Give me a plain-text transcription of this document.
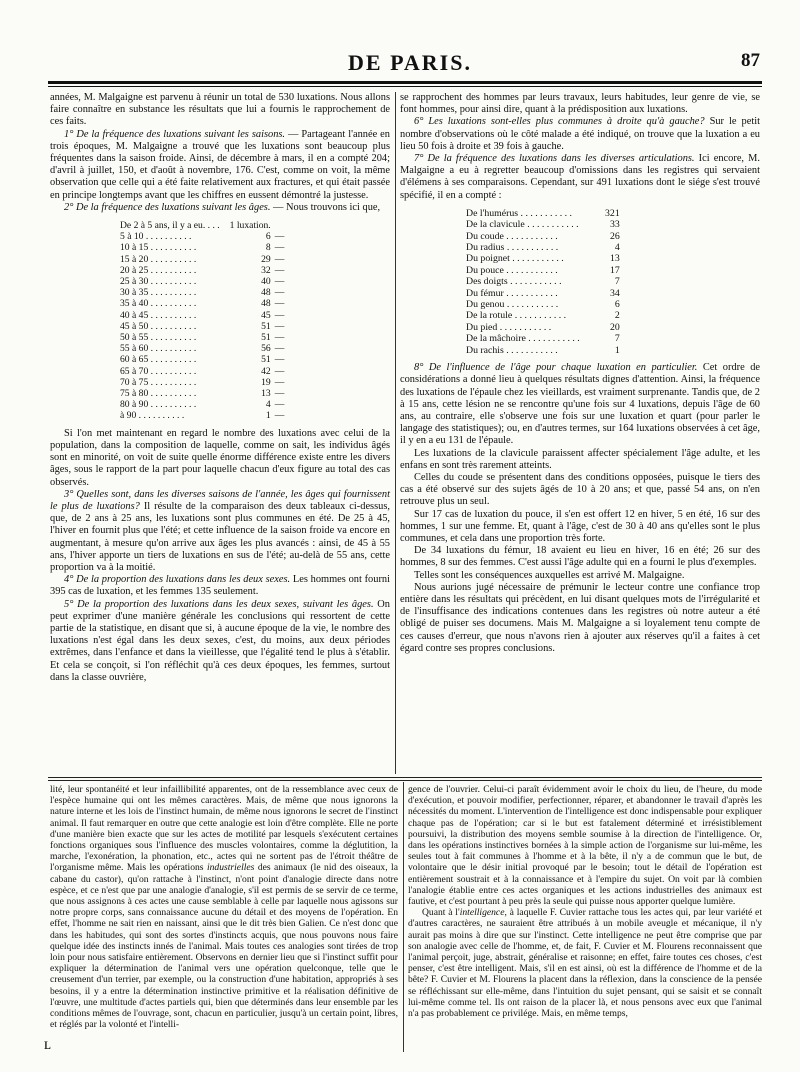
DE PARIS.	87

années, M. Malgaigne est parvenu à réunir un total de 530 luxations. Nous allons faire connaître en substance les résultats que lui a fournis le rapprochement de ces faits.

1° De la fréquence des luxations suivant les saisons. — Partageant l'année en trois époques, M. Malgaigne a trouvé que les luxations sont beaucoup plus fréquentes dans la saison froide. Ainsi, de décembre à mars, il en a compté 204; d'avril à juillet, 150, et d'août à novembre, 176. C'est, comme on voit, la même observation que celle qui a été faite relativement aux fractures, et qui était passée en principe longtemps avant que les chiffres en eussent démontré la justesse.

2° De la fréquence des luxations suivant les âges. — Nous trouvons ici que,

De 2 à 5 ans, il y a eu. . . .	1 luxation.	
5 à 10 . . . . . . . . . .	6	—
10 à 15 . . . . . . . . . .	8	—
15 à 20 . . . . . . . . . .	29	—
20 à 25 . . . . . . . . . .	32	—
25 à 30 . . . . . . . . . .	40	—
30 à 35 . . . . . . . . . .	48	—
35 à 40 . . . . . . . . . .	48	—
40 à 45 . . . . . . . . . .	45	—
45 à 50 . . . . . . . . . .	51	—
50 à 55 . . . . . . . . . .	51	—
55 à 60 . . . . . . . . . .	56	—
60 à 65 . . . . . . . . . .	51	—
65 à 70 . . . . . . . . . .	42	—
70 à 75 . . . . . . . . . .	19	—
75 à 80 . . . . . . . . . .	13	—
80 à 90 . . . . . . . . . .	4	—
à 90 . . . . . . . . . .	1	—

Si l'on met maintenant en regard le nombre des luxations avec celui de la population, dans la composition de laquelle, comme on sait, les individus âgés sont en minorité, on voit de suite quelle énorme différence existe entre les divers âges, sous le rapport de la part pour laquelle chacun d'eux figure au total des cas observés.

3° Quelles sont, dans les diverses saisons de l'année, les âges qui fournissent le plus de luxations? Il résulte de la comparaison des deux tableaux ci-dessus, que, de 2 ans à 25 ans, les luxations sont plus communes en été. De 25 à 45, l'hiver en fournit plus que l'été; et cette influence de la saison froide va encore en augmentant, à mesure qu'on arrive aux âges les plus avancés : ainsi, de 45 à 55 ans, l'hiver apporte un tiers de luxations en sus de l'été; au-delà de 55 ans, cette proportion va à la moitié.

4° De la proportion des luxations dans les deux sexes. Les hommes ont fourni 395 cas de luxation, et les femmes 135 seulement.

5° De la proportion des luxations dans les deux sexes, suivant les âges. On peut exprimer d'une manière générale les conclusions qui ressortent de cette partie de la statistique, en disant que si, à aucune époque de la vie, le nombre des luxations n'est égal dans les deux sexes, c'est, du moins, aux deux périodes extrêmes, dans l'enfance et dans la vieillesse, que l'égalité tend le plus à s'établir. Et cela se conçoit, si l'on réfléchit qu'à ces deux époques, les femmes, surtout dans la classe ouvrière,

se rapprochent des hommes par leurs travaux, leurs habitudes, leur genre de vie, se font hommes, pour ainsi dire, quant à la prédisposition aux luxations.

6° Les luxations sont-elles plus communes à droite qu'à gauche? Sur le petit nombre d'observations où le côté malade a été indiqué, on trouve que la luxation a eu lieu 50 fois à droite et 39 fois à gauche.

7° De la fréquence des luxations dans les diverses articulations. Ici encore, M. Malgaigne a eu à regretter beaucoup d'omissions dans les registres qui servaient d'élémens à ses comparaisons. Cependant, sur 491 luxations dont le siége s'est trouvé spécifié, il en a compté :

De l'humérus . . . . . . . . . . .	321
De la clavicule . . . . . . . . . . .	33
Du coude . . . . . . . . . . .	26
Du radius . . . . . . . . . . .	4
Du poignet . . . . . . . . . . .	13
Du pouce . . . . . . . . . . .	17
Des doigts . . . . . . . . . . .	7
Du fémur . . . . . . . . . . .	34
Du genou . . . . . . . . . . .	6
De la rotule . . . . . . . . . . .	2
Du pied . . . . . . . . . . .	20
De la mâchoire . . . . . . . . . . .	7
Du rachis . . . . . . . . . . .	1

8° De l'influence de l'âge pour chaque luxation en particulier. Cet ordre de considérations a donné lieu à quelques résultats dignes d'attention. Ainsi, la fréquence des luxations de l'épaule chez les vieillards, est vraiment surprenante. Tandis que, de 2 à 15 ans, cette lésion ne se rencontre qu'une fois sur 4 luxations, depuis l'âge de 60 ans, au contraire, elle s'observe une fois sur une luxation et quart (pour parler le langage des statistiques); ou, en d'autres termes, sur 164 luxations observées à cet âge, il y en a eu 131 de l'épaule.

Les luxations de la clavicule paraissent affecter spécialement l'âge adulte, et les enfans en sont très rarement atteints.

Celles du coude se présentent dans des conditions opposées, puisque le tiers des cas a été observé sur des sujets âgés de 10 à 20 ans; et que, passé 54 ans, on n'en retrouve plus un seul.

Sur 17 cas de luxation du pouce, il s'en est offert 12 en hiver, 5 en été, 16 sur des hommes, 1 sur une femme. Et, quant à l'âge, c'est de 30 à 40 ans qu'elles sont le plus communes, et cela dans une proportion très forte.

De 34 luxations du fémur, 18 avaient eu lieu en hiver, 16 en été; 26 sur des hommes, 8 sur des femmes. C'est aussi l'âge adulte qui en a fourni le plus d'exemples.

Telles sont les conséquences auxquelles est arrivé M. Malgaigne.

Nous aurions jugé nécessaire de prémunir le lecteur contre une confiance trop entière dans les résultats qui précèdent, en lui disant quelques mots de l'irrégularité et de l'insuffisance des indications contenues dans les registres où notre auteur a été obligé de puiser ses documens. Mais M. Malgaigne a si loyalement tenu compte de ces causes d'erreur, que nous n'avons rien à ajouter aux réserves qu'il a faites à cet égard contre ses propres conclusions.

lité, leur spontanéité et leur infaillibilité apparentes, ont de la ressemblance avec ceux de l'espèce humaine qui ont les mêmes caractères. Mais, de même que nous ignorons la nature interne et les lois de l'instinct humain, de même nous ignorons le secret de l'instinct animal. Il faut remarquer en outre que cette analogie est loin d'être complète. Elle ne porte d'une manière bien exacte que sur les actes de motilité par lesquels s'exécutent certaines fonctions organiques sous l'influence des muscles volontaires, comme la déglutition, la marche, l'exonération, la phonation, etc., actes qui ne sortent pas de l'étroit théâtre de l'organisme même. Mais les opérations industrielles des animaux (le nid des oiseaux, la cabane du castor), qu'on rattache à l'instinct, n'ont point d'analogie directe dans notre espèce, et ce n'est que par une analogie d'analogie, s'il est permis de se servir de ce terme, que nous assignons à ces actes une cause semblable à celle par laquelle nous agissons sur notre propre corps, sans connaissance aucune du détail et des moyens de l'opération. En effet, l'homme ne sait rien en naissant, ainsi que le dit très bien Galien. Ce n'est donc que dans les habitudes, qui sont des sortes d'instincts acquis, que nous pouvons nous faire quelque idée des instincts innés de l'animal. Mais toutes ces analogies sont tirées de trop loin pour nous satisfaire entièrement. Observons en dernier lieu que si l'instinct suffit pour expliquer la détermination de l'animal vers une opération quelconque, telle que le creusement d'un terrier, par exemple, ou la construction d'une habitation, appropriés à ses besoins, il y a entre la détermination instinctive primitive et la réalisation définitive de l'œuvre, une multitude d'actes partiels qui, bien que déterminés dans leur ensemble par les conditions mêmes de l'ouvrage, sont, chacun en particulier, jusqu'à un certain point, libres, et réglés par la volonté et l'intelli-

gence de l'ouvrier. Celui-ci paraît évidemment avoir le choix du lieu, de l'heure, du mode d'exécution, et pouvoir modifier, perfectionner, réparer, et abandonner le travail d'après les nécessités du moment. L'intervention de l'intelligence est donc indispensable pour expliquer chaque pas de l'opération; car si le but est fatalement déterminé et irrésistiblement poursuivi, la distribution des moyens semble soumise à la direction de l'intelligence. Or, dans les opérations instinctives bornées à la simple action de l'organisme sur lui-même, les seules tout à fait communes à l'homme et à la bête, il n'y a de commun que le but, de volontaire que le désir initial provoqué par le besoin; tout le détail de l'opération est entièrement soustrait et à la connaissance et à l'empire du sujet. On voit par là combien l'analogie établie entre ces actes organiques et les actions industrielles des animaux est fautive, et c'est pourtant à peu près la seule qui puisse nous apporter quelque lumière.

Quant à l'intelligence, à laquelle F. Cuvier rattache tous les actes qui, par leur variété et d'autres caractères, ne sauraient être attribués à un mobile aveugle et mécanique, il n'y aurait pas moins à dire que sur l'instinct. Cette intelligence ne peut être comprise que par son analogie avec celle de l'homme, et, de fait, F. Cuvier et M. Flourens reconnaissent que l'animal perçoit, juge, abstrait, généralise et raisonne; en effet, faire toutes ces choses, c'est penser, c'est être intelligent. Mais, s'il en est ainsi, où est la différence de l'homme et de la bête? F. Cuvier et M. Flourens la placent dans la réflexion, dans la conscience de la pensée se réfléchissant sur elle-même, dans l'intuition du sujet pensant, qui se saisit et se connaît lui-même comme tel. Ils ont raison de la placer là, et nous pensons avec eux que l'animal n'a pas probablement ce privilége. Mais, en même temps,

ʟ
